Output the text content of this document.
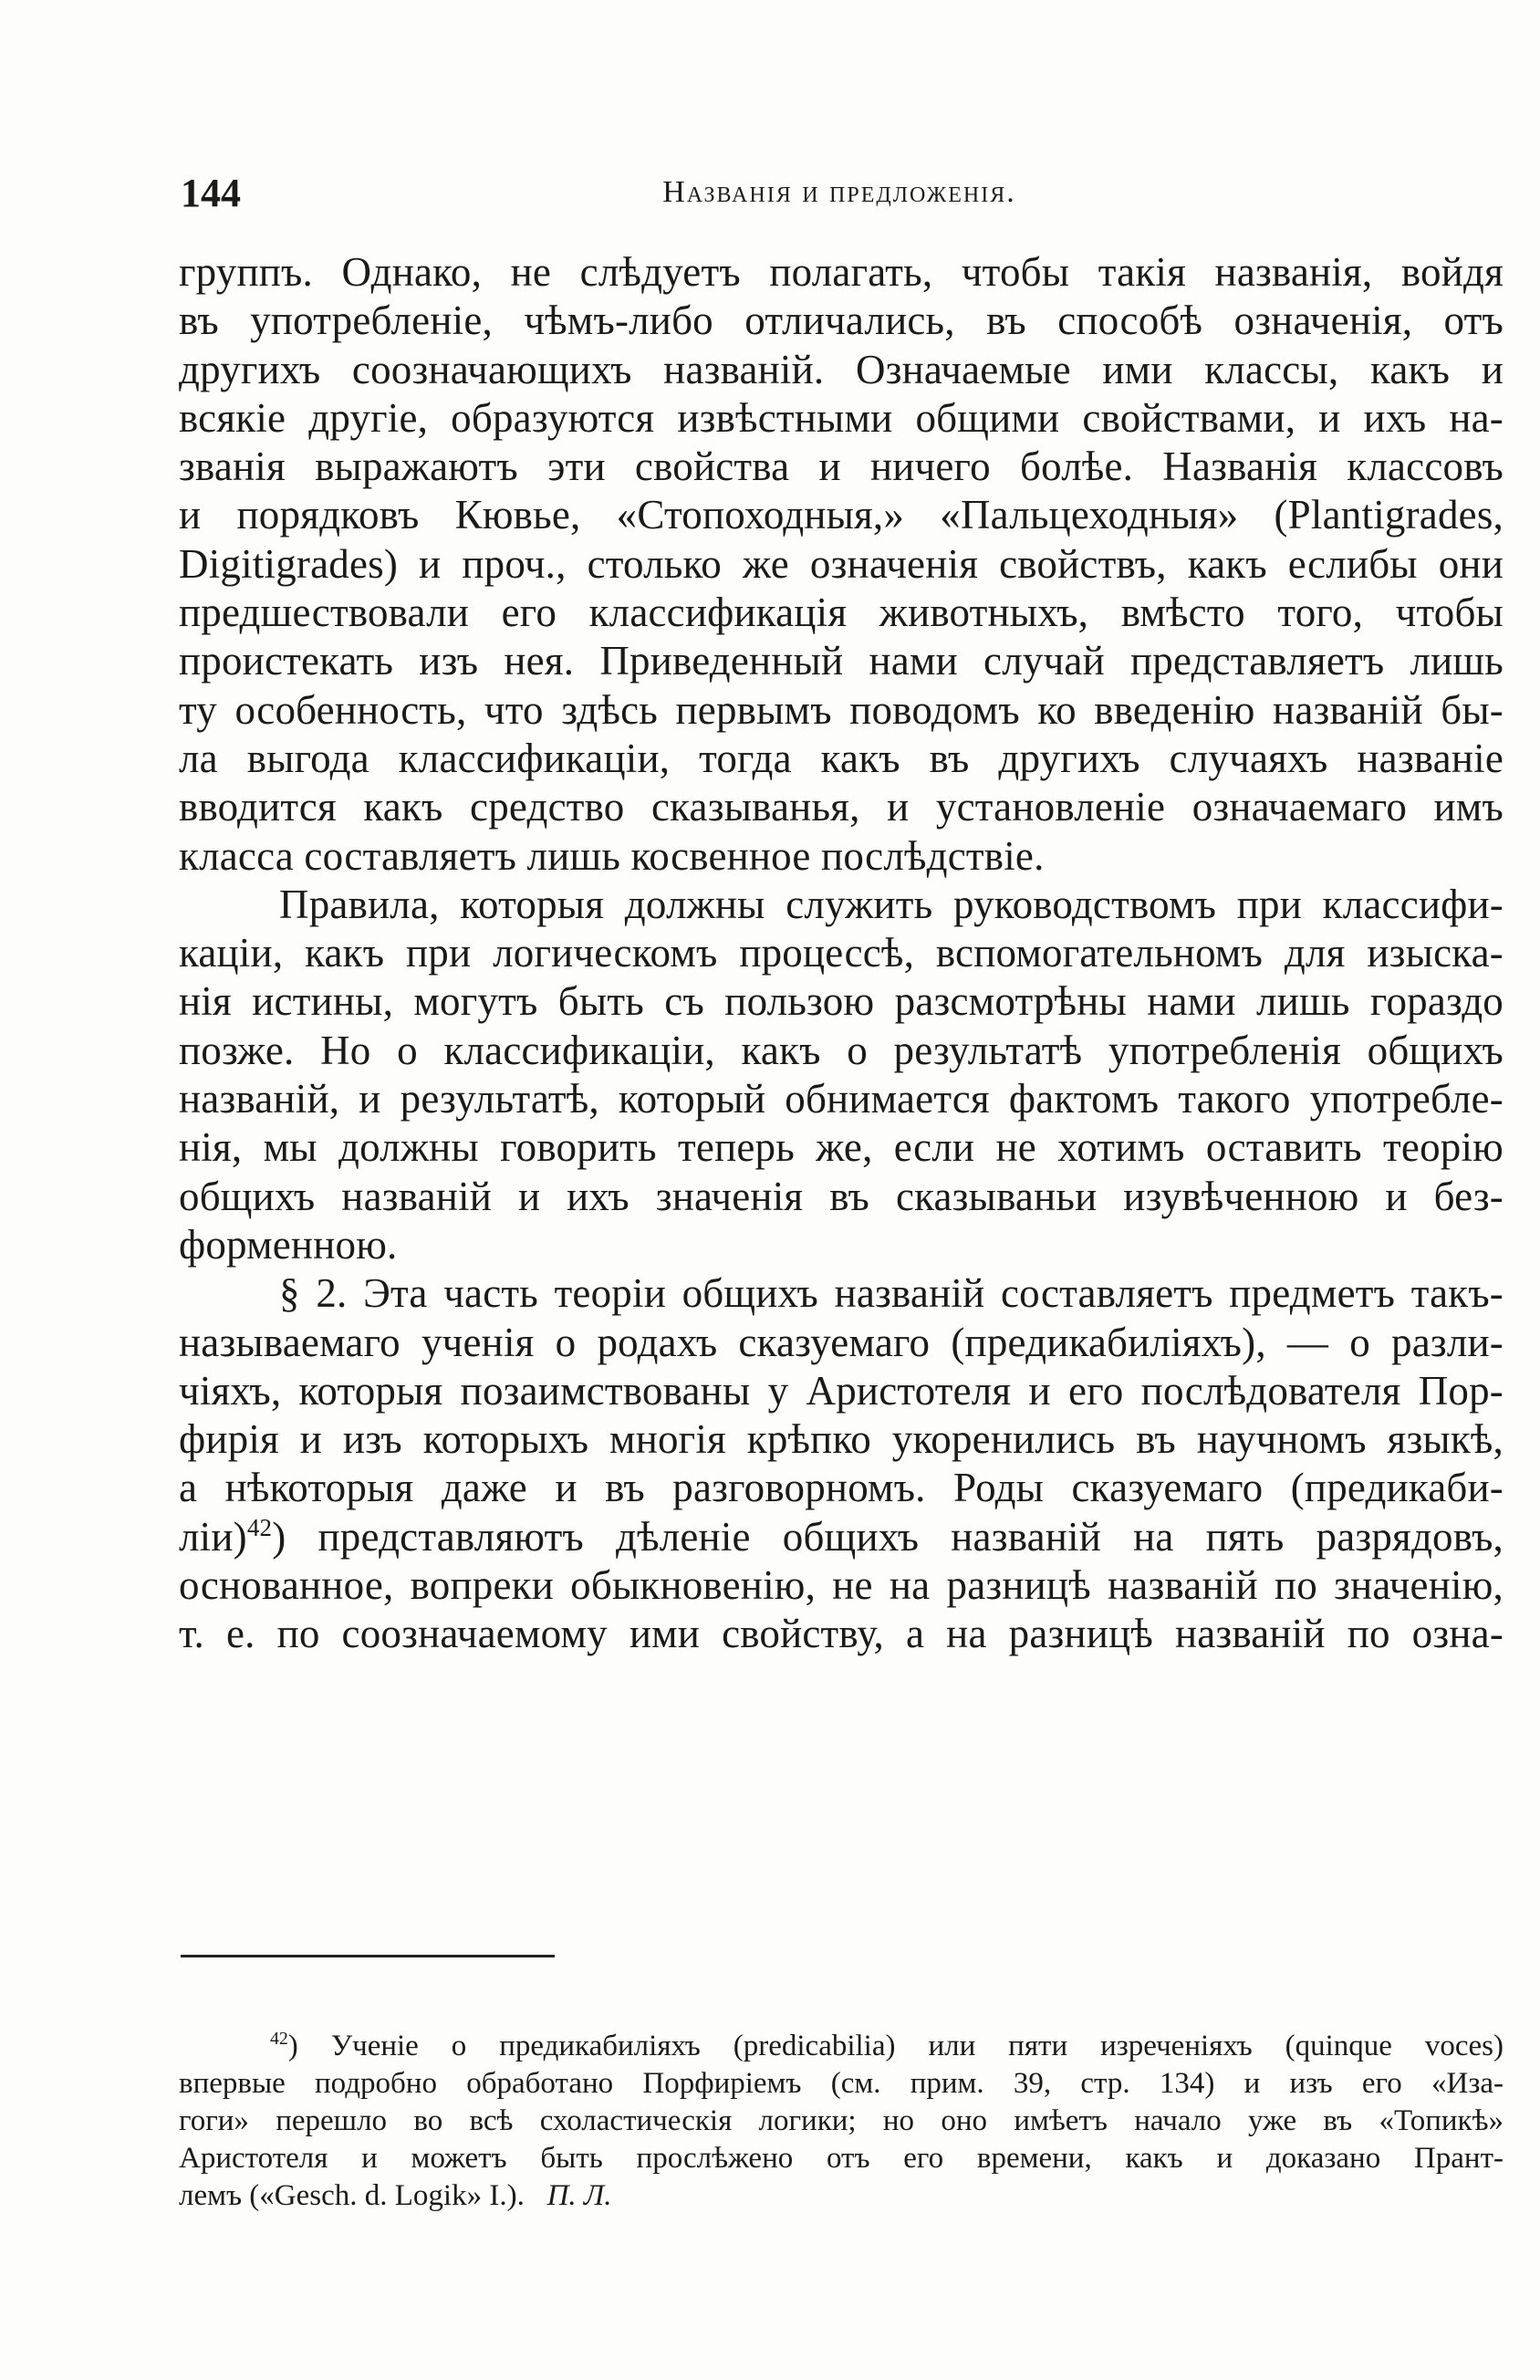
144	Названія и предложенія.
группъ. Однако, не слѣдуетъ полагать, чтобы такія названія, войдя
въ употребленіе, чѣмъ-либо отличались, въ способѣ означенія, отъ
другихъ соозначающихъ названій. Означаемые ими классы, какъ и
всякіе другіе, образуются извѣстными общими свойствами, и ихъ на-
званія выражаютъ эти свойства и ничего болѣе. Названія классовъ
и порядковъ Кювье, «Стопоходныя,» «Пальцеходныя» (Plantigrades,
Digitigrades) и проч., столько же означенія свойствъ, какъ еслибы они
предшествовали его классификація животныхъ, вмѣсто того, чтобы
проистекать изъ нея. Приведенный нами случай представляетъ лишь
ту особенность, что здѣсь первымъ поводомъ ко введенію названій бы-
ла выгода классификаціи, тогда какъ въ другихъ случаяхъ названіе
вводится какъ средство сказыванья, и установленіе означаемаго имъ
класса составляетъ лишь косвенное послѣдствіе.
Правила, которыя должны служить руководствомъ при классифи-
каціи, какъ при логическомъ процессѣ, вспомогательномъ для изыска-
нія истины, могутъ быть съ пользою разсмотрѣны нами лишь гораздо
позже. Но о классификаціи, какъ о результатѣ употребленія общихъ
названій, и результатѣ, который обнимается фактомъ такого употребле-
нія, мы должны говорить теперь же, если не хотимъ оставить теорію
общихъ названій и ихъ значенія въ сказываньи изувѣченною и без-
форменною.
§ 2. Эта часть теоріи общихъ названій составляетъ предметъ такъ-
называемаго ученія о родахъ сказуемаго (предикабиліяхъ), — о разли-
чіяхъ, которыя позаимствованы у Аристотеля и его послѣдователя Пор-
фирія и изъ которыхъ многія крѣпко укоренились въ научномъ языкѣ,
а нѣкоторыя даже и въ разговорномъ. Роды сказуемаго (предикаби-
ліи)$^{42}$) представляютъ дѣленіе общихъ названій на пять разрядовъ,
основанное, вопреки обыкновенію, не на разницѣ названій по значенію,
т. е. по соозначаемому ими свойству, а на разницѣ названій по озна-
$^{42}$) Ученіе о предикабиліяхъ (predicabilia) или пяти изреченіяхъ (quinque voces)
впервые подробно обработано Порфиріемъ (см. прим. 39, стр. 134) и изъ его «Иза-
гоги» перешло во всѣ схоластическія логики; но оно имѣетъ начало уже въ «Топикѣ»
Аристотеля и можетъ быть прослѣжено отъ его времени, какъ и доказано Прант-
лемъ («Gesch. d. Logik» I.). П. Л.
